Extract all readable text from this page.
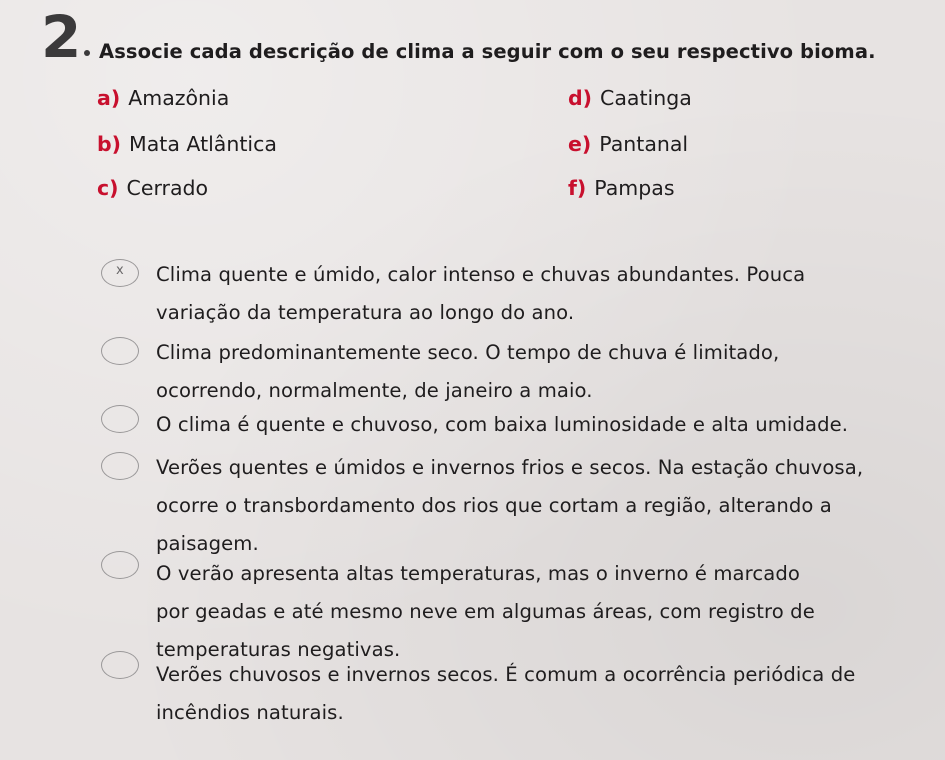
2 Associe cada descrição de clima a seguir com o seu respectivo bioma.
a) Amazônia
b) Mata Atlântica
c) Cerrado
d) Caatinga
e) Pantanal
f) Pampas
x Clima quente e úmido, calor intenso e chuvas abundantes. Pouca
variação da temperatura ao longo do ano.
Clima predominantemente seco. O tempo de chuva é limitado,
ocorrendo, normalmente, de janeiro a maio.
O clima é quente e chuvoso, com baixa luminosidade e alta umidade.
Verões quentes e úmidos e invernos frios e secos. Na estação chuvosa,
ocorre o transbordamento dos rios que cortam a região, alterando a
paisagem.
O verão apresenta altas temperaturas, mas o inverno é marcado
por geadas e até mesmo neve em algumas áreas, com registro de
temperaturas negativas.
Verões chuvosos e invernos secos. É comum a ocorrência periódica de
incêndios naturais.
